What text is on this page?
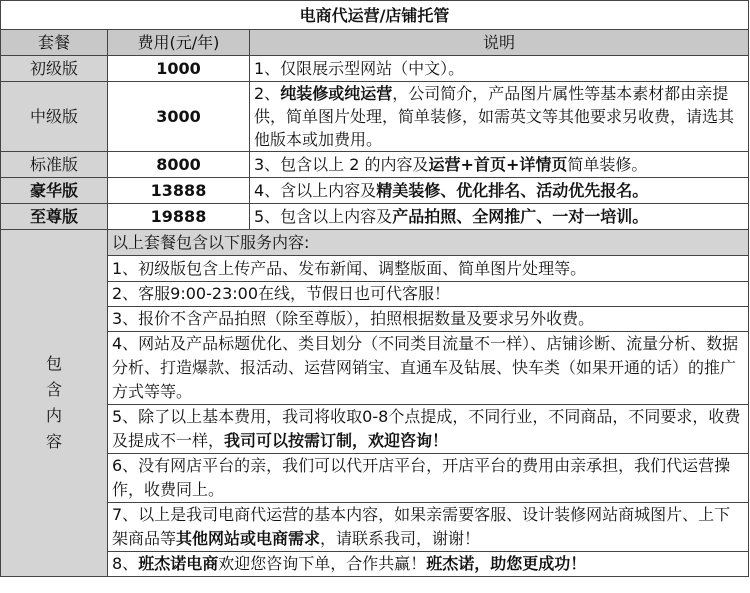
电商代运营/店铺托管		
套餐	费用(元/年)	说明
初级版	1000	1、仅限展示型网站（中文）。
中级版	3000	2、纯装修或纯运营，公司简介，产品图片属性等基本素材都由亲提供，简单图片处理，简单装修，如需英文等其他要求另收费，请选其他版本或加费用。
标准版	8000	3、包含以上 2 的内容及运营+首页+详情页简单装修。
豪华版	13888	4、含以上内容及精美装修、优化排名、活动优先报名。
至尊版	19888	5、包含以上内容及产品拍照、全网推广、一对一培训。

包
含
内
容	以上套餐包含以下服务内容:	
	1、初级版包含上传产品、发布新闻、调整版面、简单图片处理等。	
	2、客服9:00-23:00在线，节假日也可代客服！	
	3、报价不含产品拍照（除至尊版），拍照根据数量及要求另外收费。	
	4、网站及产品标题优化、类目划分（不同类目流量不一样）、店铺诊断、流量分析、数据分析、打造爆款、报活动、运营网销宝、直通车及钻展、快车类（如果开通的话）的推广方式等等。	
	5、除了以上基本费用，我司将收取0-8个点提成，不同行业，不同商品，不同要求，收费及提成不一样，我司可以按需订制，欢迎咨询！	
	6、没有网店平台的亲，我们可以代开店平台，开店平台的费用由亲承担，我们代运营操作，收费同上。	
	7、以上是我司电商代运营的基本内容，如果亲需要客服、设计装修网站商城图片、上下架商品等其他网站或电商需求，请联系我司，谢谢！	
	8、班杰诺电商欢迎您咨询下单，合作共赢！班杰诺，助您更成功！	
